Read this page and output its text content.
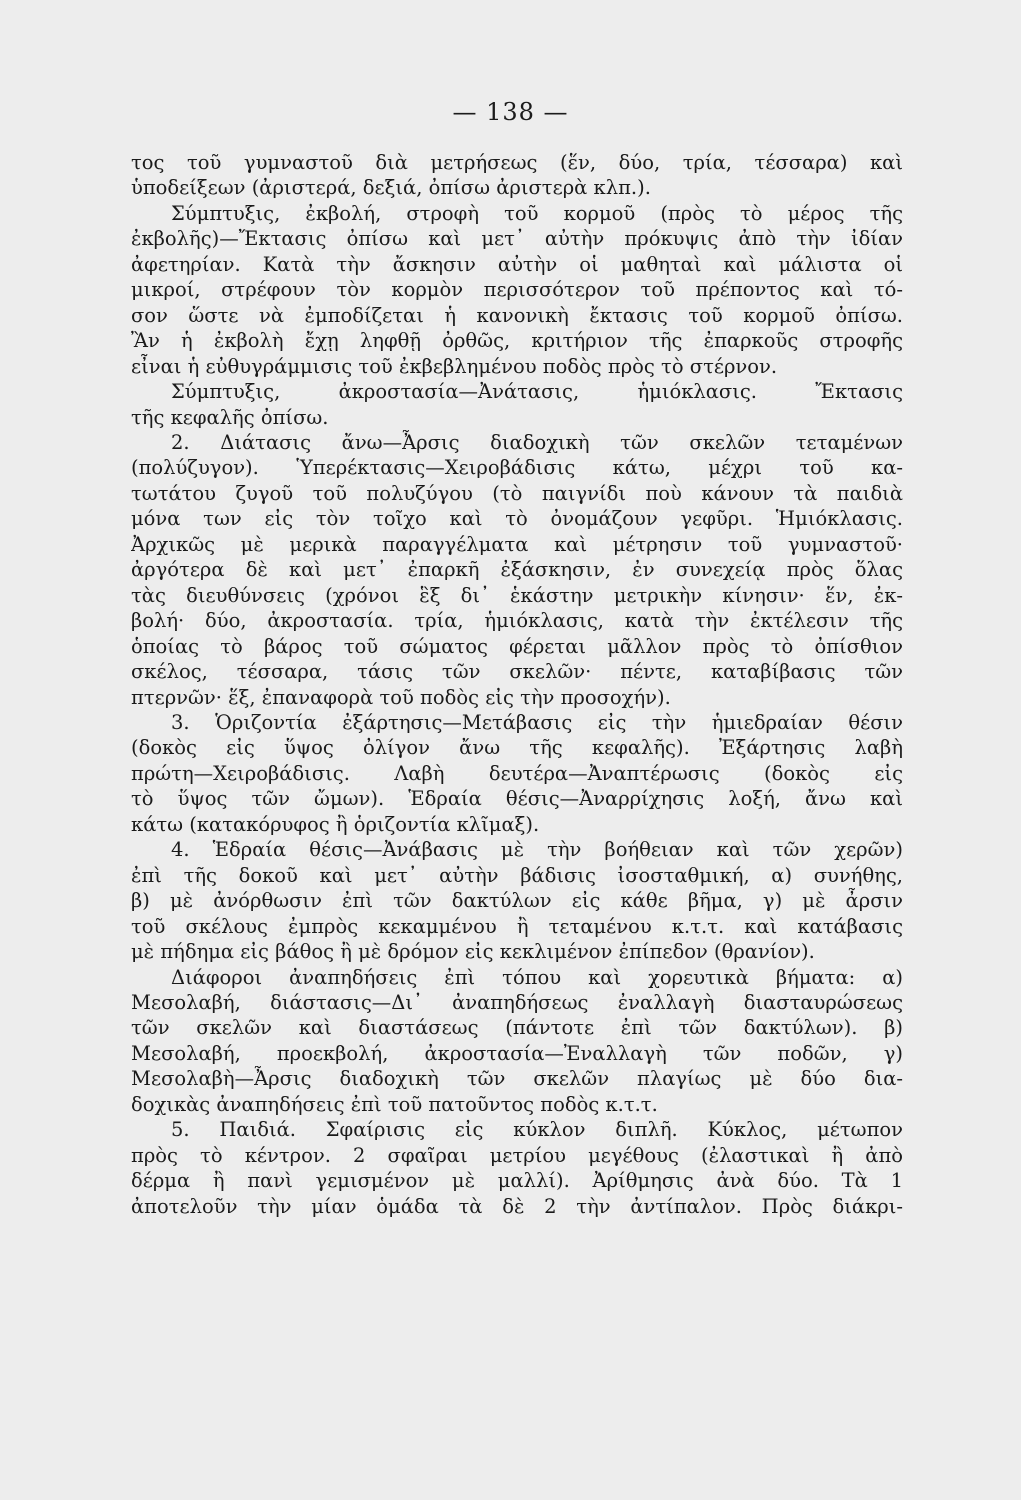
— 138 —
τος τοῦ γυμναστοῦ διὰ μετρήσεως (ἕν, δύο, τρία, τέσσαρα) καὶ
ὑποδείξεων (ἀριστερά, δεξιά, ὀπίσω ἀριστερὰ κλπ.).
Σύμπτυξις, ἐκβολή, στροφὴ τοῦ κορμοῦ (πρὸς τὸ μέρος τῆς
ἐκβολῆς)—Ἔκτασις ὀπίσω καὶ μετ᾽ αὐτὴν πρόκυψις ἀπὸ τὴν ἰδίαν
ἀφετηρίαν. Κατὰ τὴν ἄσκησιν αὐτὴν οἱ μαθηταὶ καὶ μάλιστα οἱ
μικροί, στρέφουν τὸν κορμὸν περισσότερον τοῦ πρέποντος καὶ τό-
σον ὥστε νὰ ἐμποδίζεται ἡ κανονικὴ ἔκτασις τοῦ κορμοῦ ὀπίσω.
Ἂν ἡ ἐκβολὴ ἔχῃ ληφθῇ ὀρθῶς, κριτήριον τῆς ἐπαρκοῦς στροφῆς
εἶναι ἡ εὐθυγράμμισις τοῦ ἐκβεβλημένου ποδὸς πρὸς τὸ στέρνον.
Σύμπτυξις, ἀκροστασία—Ἀνάτασις, ἡμιόκλασις. Ἔκτασις
τῆς κεφαλῆς ὀπίσω.
2. Διάτασις ἄνω—Ἆρσις διαδοχικὴ τῶν σκελῶν τεταμένων
(πολύζυγον). Ὑπερέκτασις—Χειροβάδισις κάτω, μέχρι τοῦ κα-
τωτάτου ζυγοῦ τοῦ πολυζύγου (τὸ παιγνίδι ποὺ κάνουν τὰ παιδιὰ
μόνα των εἰς τὸν τοῖχο καὶ τὸ ὀνομάζουν γεφῦρι. Ἡμιόκλασις.
Ἀρχικῶς μὲ μερικὰ παραγγέλματα καὶ μέτρησιν τοῦ γυμναστοῦ·
ἀργότερα δὲ καὶ μετ᾽ ἐπαρκῆ ἐξάσκησιν, ἐν συνεχείᾳ πρὸς ὅλας
τὰς διευθύνσεις (χρόνοι ἓξ δι᾽ ἑκάστην μετρικὴν κίνησιν· ἕν, ἐκ-
βολή· δύο, ἀκροστασία. τρία, ἡμιόκλασις, κατὰ τὴν ἐκτέλεσιν τῆς
ὁποίας τὸ βάρος τοῦ σώματος φέρεται μᾶλλον πρὸς τὸ ὀπίσθιον
σκέλος, τέσσαρα, τάσις τῶν σκελῶν· πέντε, καταβίβασις τῶν
πτερνῶν· ἕξ, ἐπαναφορὰ τοῦ ποδὸς εἰς τὴν προσοχήν).
3. Ὁριζοντία ἐξάρτησις—Μετάβασις εἰς τὴν ἡμιεδραίαν θέσιν
(δοκὸς εἰς ὕψος ὀλίγον ἄνω τῆς κεφαλῆς). Ἐξάρτησις λαβὴ
πρώτη—Χειροβάδισις. Λαβὴ δευτέρα—Ἀναπτέρωσις (δοκὸς εἰς
τὸ ὕψος τῶν ὤμων). Ἑδραία θέσις—Ἀναρρίχησις λοξή, ἄνω καὶ
κάτω (κατακόρυφος ἢ ὁριζοντία κλῖμαξ).
4. Ἑδραία θέσις—Ἀνάβασις μὲ τὴν βοήθειαν καὶ τῶν χερῶν)
ἐπὶ τῆς δοκοῦ καὶ μετ᾽ αὐτὴν βάδισις ἰσοσταθμική, α) συνήθης,
β) μὲ ἀνόρθωσιν ἐπὶ τῶν δακτύλων εἰς κάθε βῆμα, γ) μὲ ἆρσιν
τοῦ σκέλους ἐμπρὸς κεκαμμένου ἢ τεταμένου κ.τ.τ. καὶ κατάβασις
μὲ πήδημα εἰς βάθος ἢ μὲ δρόμον εἰς κεκλιμένον ἐπίπεδον (θρανίον).
Διάφοροι ἀναπηδήσεις ἐπὶ τόπου καὶ χορευτικὰ βήματα: α)
Μεσολαβή, διάστασις—Δι᾽ ἀναπηδήσεως ἐναλλαγὴ διασταυρώσεως
τῶν σκελῶν καὶ διαστάσεως (πάντοτε ἐπὶ τῶν δακτύλων). β)
Μεσολαβή, προεκβολή, ἀκροστασία—Ἐναλλαγὴ τῶν ποδῶν, γ)
Μεσολαβὴ—Ἆρσις διαδοχικὴ τῶν σκελῶν πλαγίως μὲ δύο δια-
δοχικὰς ἀναπηδήσεις ἐπὶ τοῦ πατοῦντος ποδὸς κ.τ.τ.
5. Παιδιά. Σφαίρισις εἰς κύκλον διπλῆ. Κύκλος, μέτωπον
πρὸς τὸ κέντρον. 2 σφαῖραι μετρίου μεγέθους (ἐλαστικαὶ ἢ ἀπὸ
δέρμα ἢ πανὶ γεμισμένον μὲ μαλλί). Ἀρίθμησις ἀνὰ δύο. Τὰ 1
ἀποτελοῦν τὴν μίαν ὁμάδα τὰ δὲ 2 τὴν ἀντίπαλον. Πρὸς διάκρι-
